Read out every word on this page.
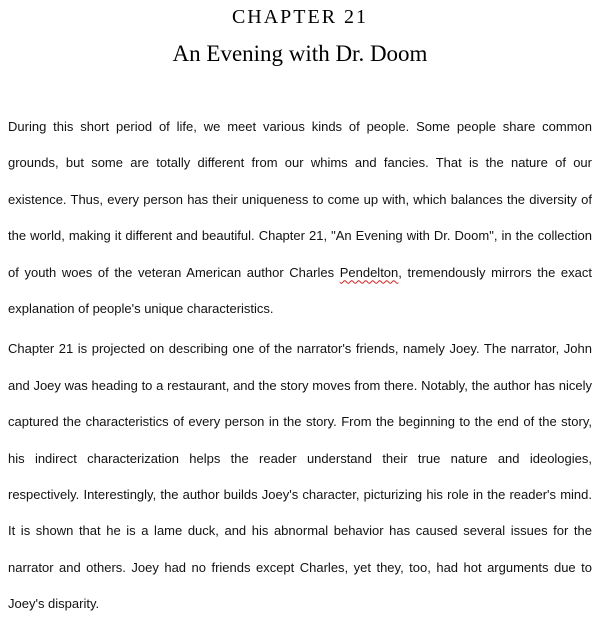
CHAPTER 21
An Evening with Dr. Doom

During this short period of life, we meet various kinds of people. Some people share common grounds, but some are totally different from our whims and fancies. That is the nature of our existence. Thus, every person has their uniqueness to come up with, which balances the diversity of the world, making it different and beautiful. Chapter 21, "An Evening with Dr. Doom", in the collection of youth woes of the veteran American author Charles Pendelton, tremendously mirrors the exact explanation of people's unique characteristics.

Chapter 21 is projected on describing one of the narrator's friends, namely Joey. The narrator, John and Joey was heading to a restaurant, and the story moves from there. Notably, the author has nicely captured the characteristics of every person in the story. From the beginning to the end of the story, his indirect characterization helps the reader understand their true nature and ideologies, respectively. Interestingly, the author builds Joey's character, picturizing his role in the reader's mind. It is shown that he is a lame duck, and his abnormal behavior has caused several issues for the narrator and others. Joey had no friends except Charles, yet they, too, had hot arguments due to Joey's disparity.
